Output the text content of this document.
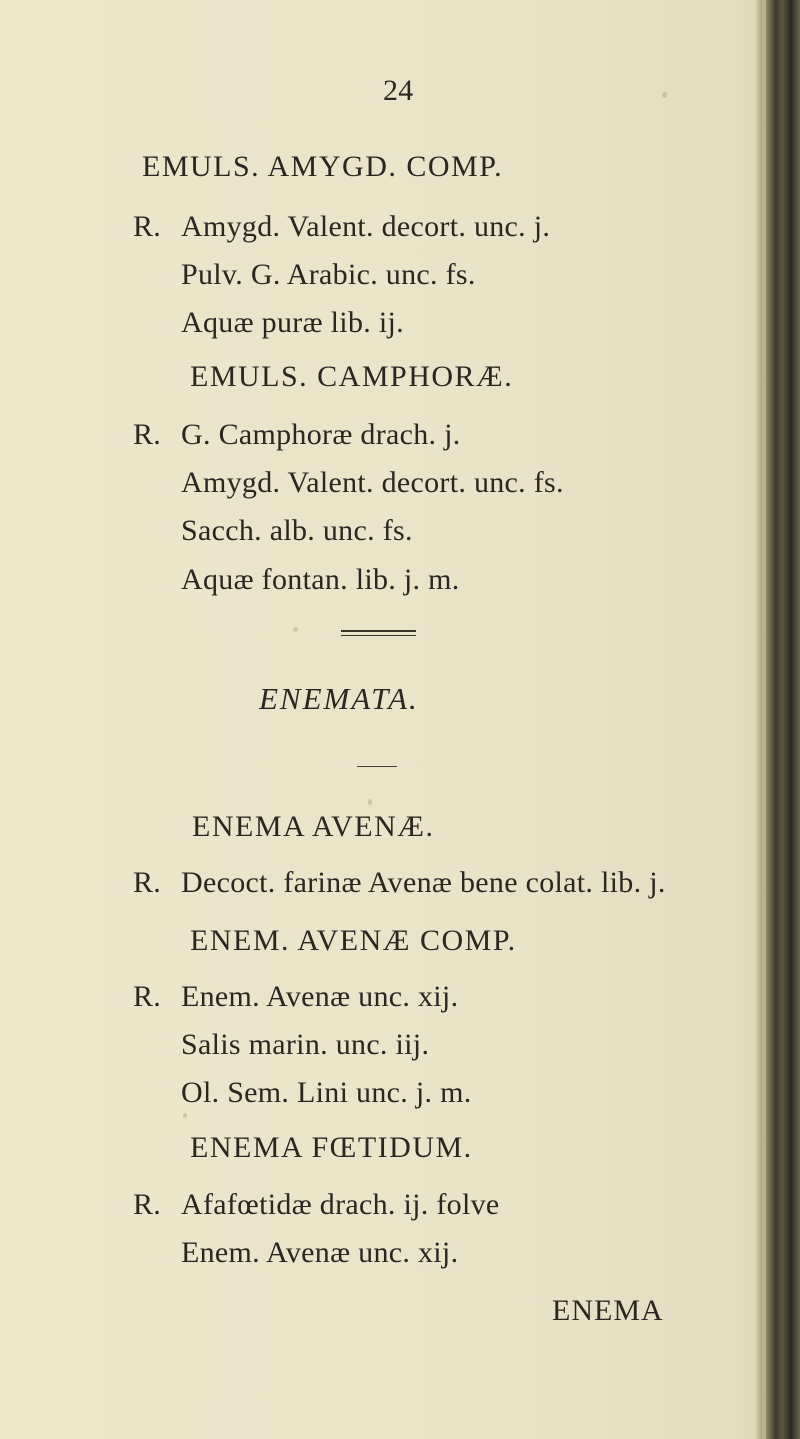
24
EMULS. AMYGD. COMP.
R. Amygd. Valent. decort. unc. j.
Pulv. G. Arabic. unc. fs.
Aquæ puræ lib. ij.
EMULS. CAMPHORÆ.
R. G. Camphoræ drach. j.
Amygd. Valent. decort. unc. fs.
Sacch. alb. unc. fs.
Aquæ fontan. lib. j. m.
ENEMATA.
ENEMA AVENÆ.
R. Decoct. farinæ Avenæ bene colat. lib. j.
ENEM. AVENÆ COMP.
R. Enem. Avenæ unc. xij.
Salis marin. unc. iij.
Ol. Sem. Lini unc. j. m.
ENEMA FŒTIDUM.
R. Afafœtidæ drach. ij. folve
Enem. Avenæ unc. xij.
ENEMA
